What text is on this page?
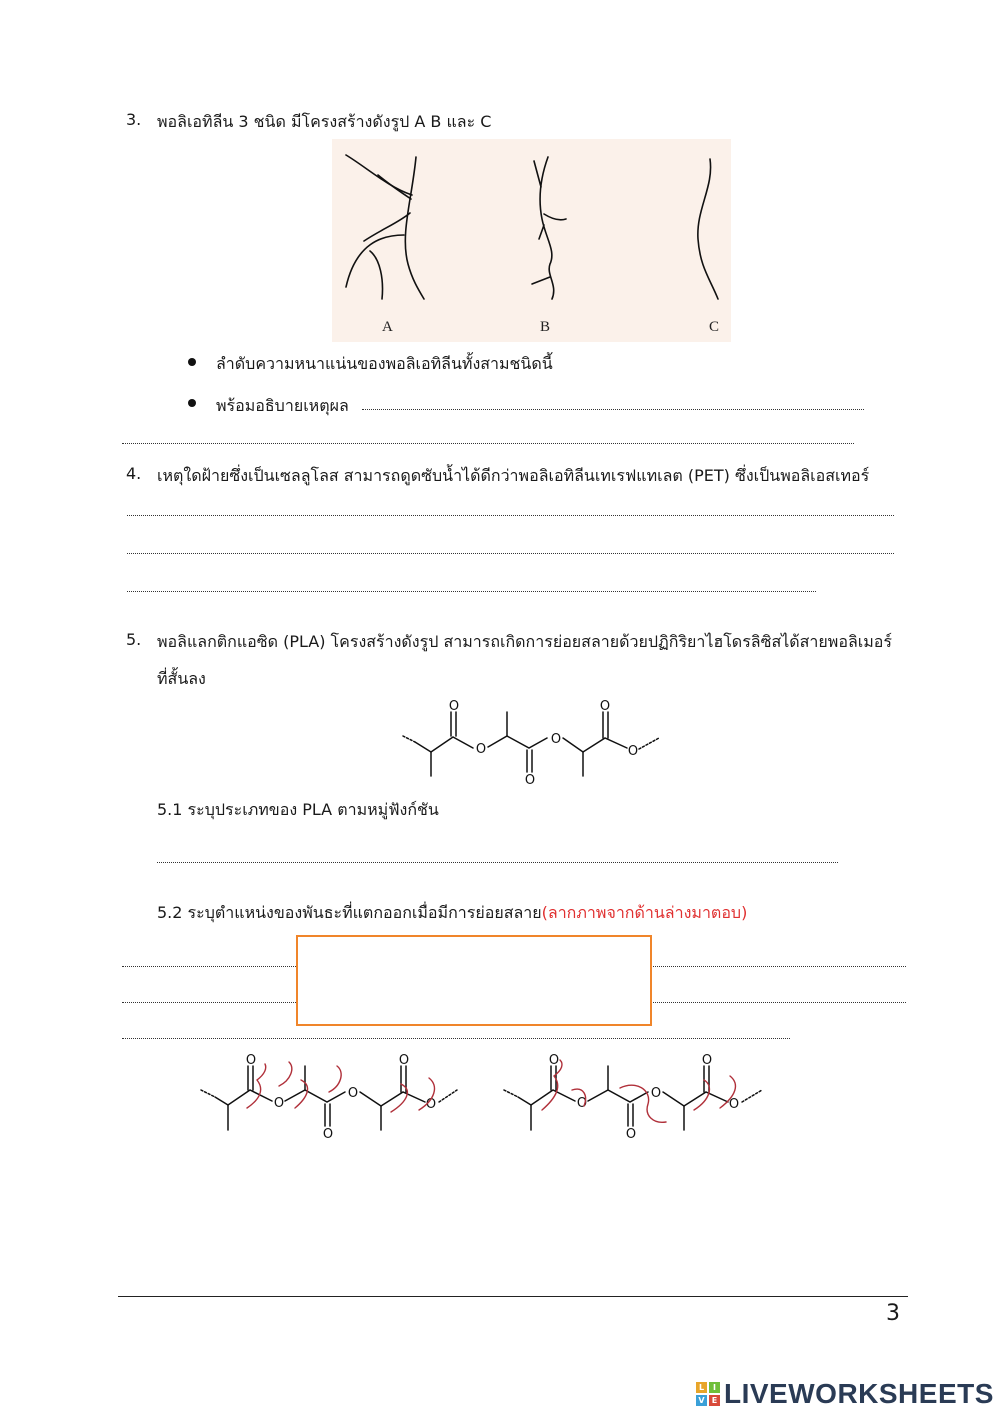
3. พอลิเอทิลีน 3 ชนิด มีโครงสร้างดังรูป A B และ C
A	B	C
ลำดับความหนาแน่นของพอลิเอทิลีนทั้งสามชนิดนี้
พร้อมอธิบายเหตุผล
4. เหตุใดฝ้ายซึ่งเป็นเซลลูโลส สามารถดูดซับน้ำได้ดีกว่าพอลิเอทิลีนเทเรฟแทเลต (PET) ซึ่งเป็นพอลิเอสเทอร์
5. พอลิแลกติกแอซิด (PLA) โครงสร้างดังรูป สามารถเกิดการย่อยสลายด้วยปฏิกิริยาไฮโดรลิซิสได้สายพอลิเมอร์
ที่สั้นลง
O
O
O
O
O
O
5.1 ระบุประเภทของ PLA ตามหมู่ฟังก์ชัน
5.2 ระบุตำแหน่งของพันธะที่แตกออกเมื่อมีการย่อยสลาย(ลากภาพจากด้านล่างมาตอบ)
O
O
O
O
O
O
O
O
O
O
O
O
3
L	I
V E LIVEWORKSHEETS
